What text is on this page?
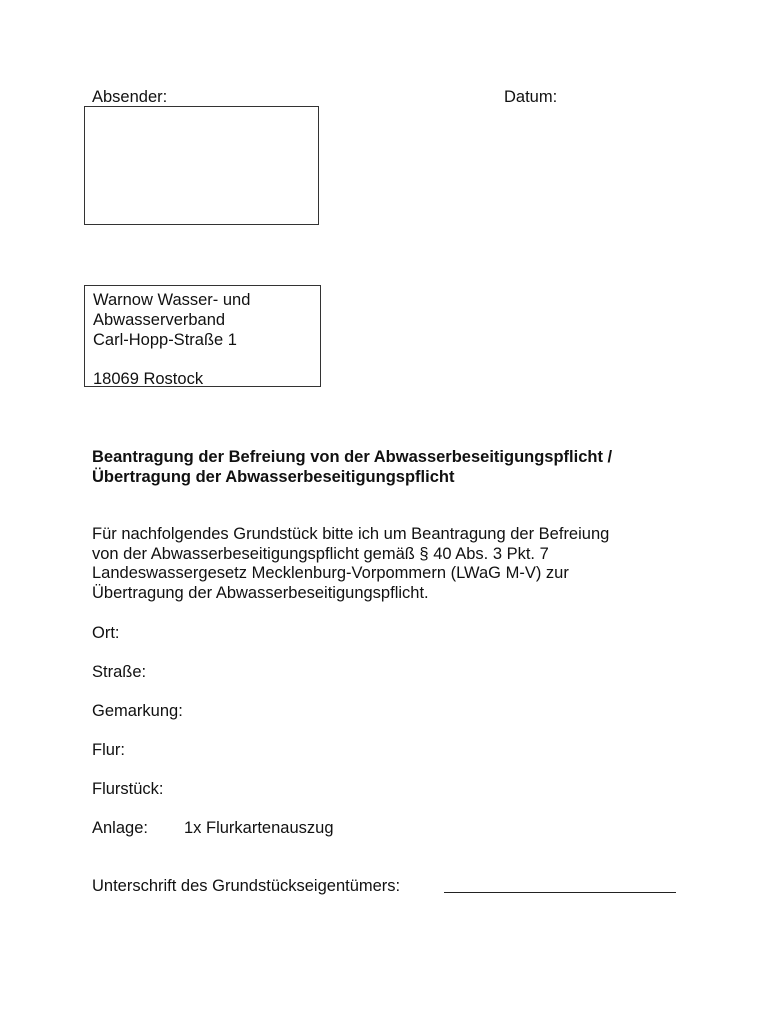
Absender:	Datum:
Warnow Wasser- und
Abwasserverband
Carl-Hopp-Straße 1
18069 Rostock
Beantragung der Befreiung von der Abwasserbeseitigungspflicht /
Übertragung der Abwasserbeseitigungspflicht
Für nachfolgendes Grundstück bitte ich um Beantragung der Befreiung
von der Abwasserbeseitigungspflicht gemäß § 40 Abs. 3 Pkt. 7
Landeswassergesetz Mecklenburg-Vorpommern (LWaG M-V) zur
Übertragung der Abwasserbeseitigungspflicht.
Ort:
Straße:
Gemarkung:
Flur:
Flurstück:
Anlage: 1x Flurkartenauszug
Unterschrift des Grundstückseigentümers:
